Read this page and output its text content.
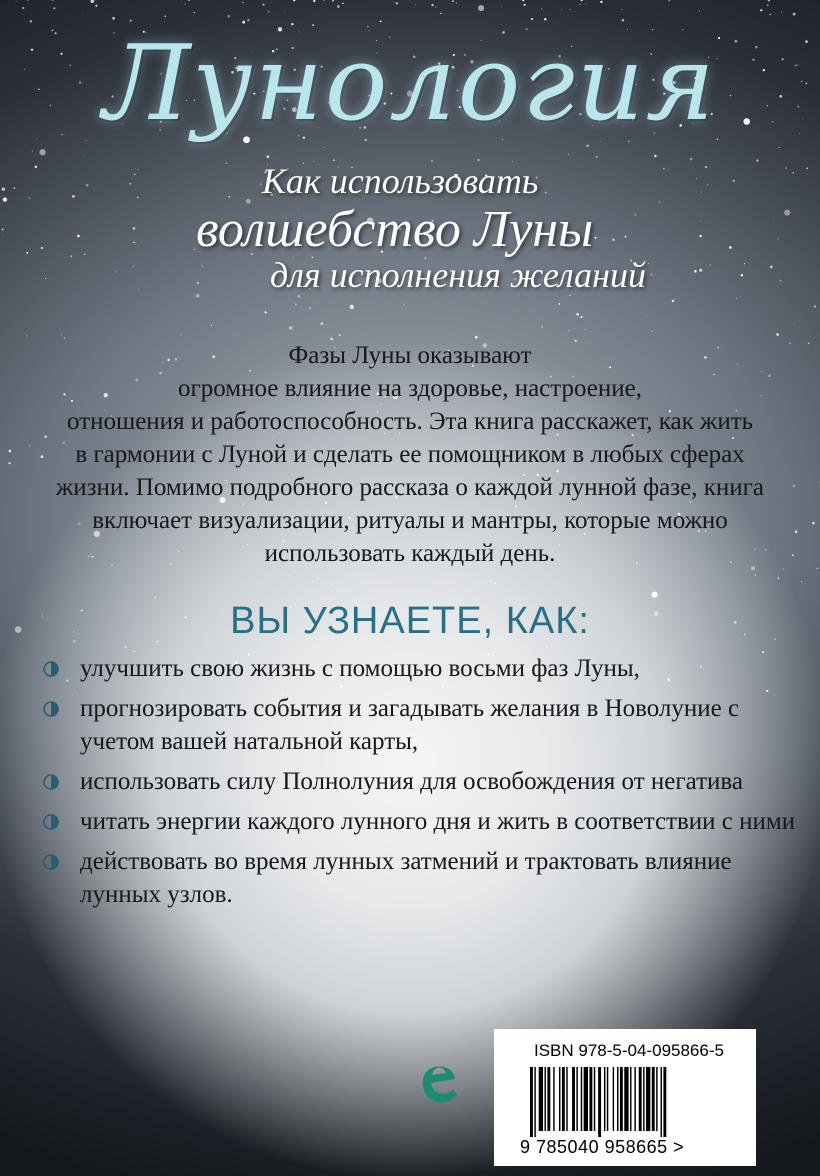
Лунология
Как использовать
волшебство Луны
для исполнения желаний
Фазы Луны оказывают
огромное влияние на здоровье, настроение,
отношения и работоспособность. Эта книга расскажет, как жить
в гармонии с Луной и сделать ее помощником в любых сферах
жизни. Помимо подробного рассказа о каждой лунной фазе, книга
включает визуализации, ритуалы и мантры, которые можно
использовать каждый день.
ВЫ УЗНАЕТЕ, КАК:
улучшить свою жизнь с помощью восьми фаз Луны,
прогнозировать события и загадывать желания в Новолуние с учетом вашей натальной карты,
использовать силу Полнолуния для освобождения от негатива
читать энергии каждого лунного дня и жить в соответствии с ними
действовать во время лунных затмений и трактовать влияние лунных узлов.
ISBN 978-5-04-095866-5
9 785040 958665 >
